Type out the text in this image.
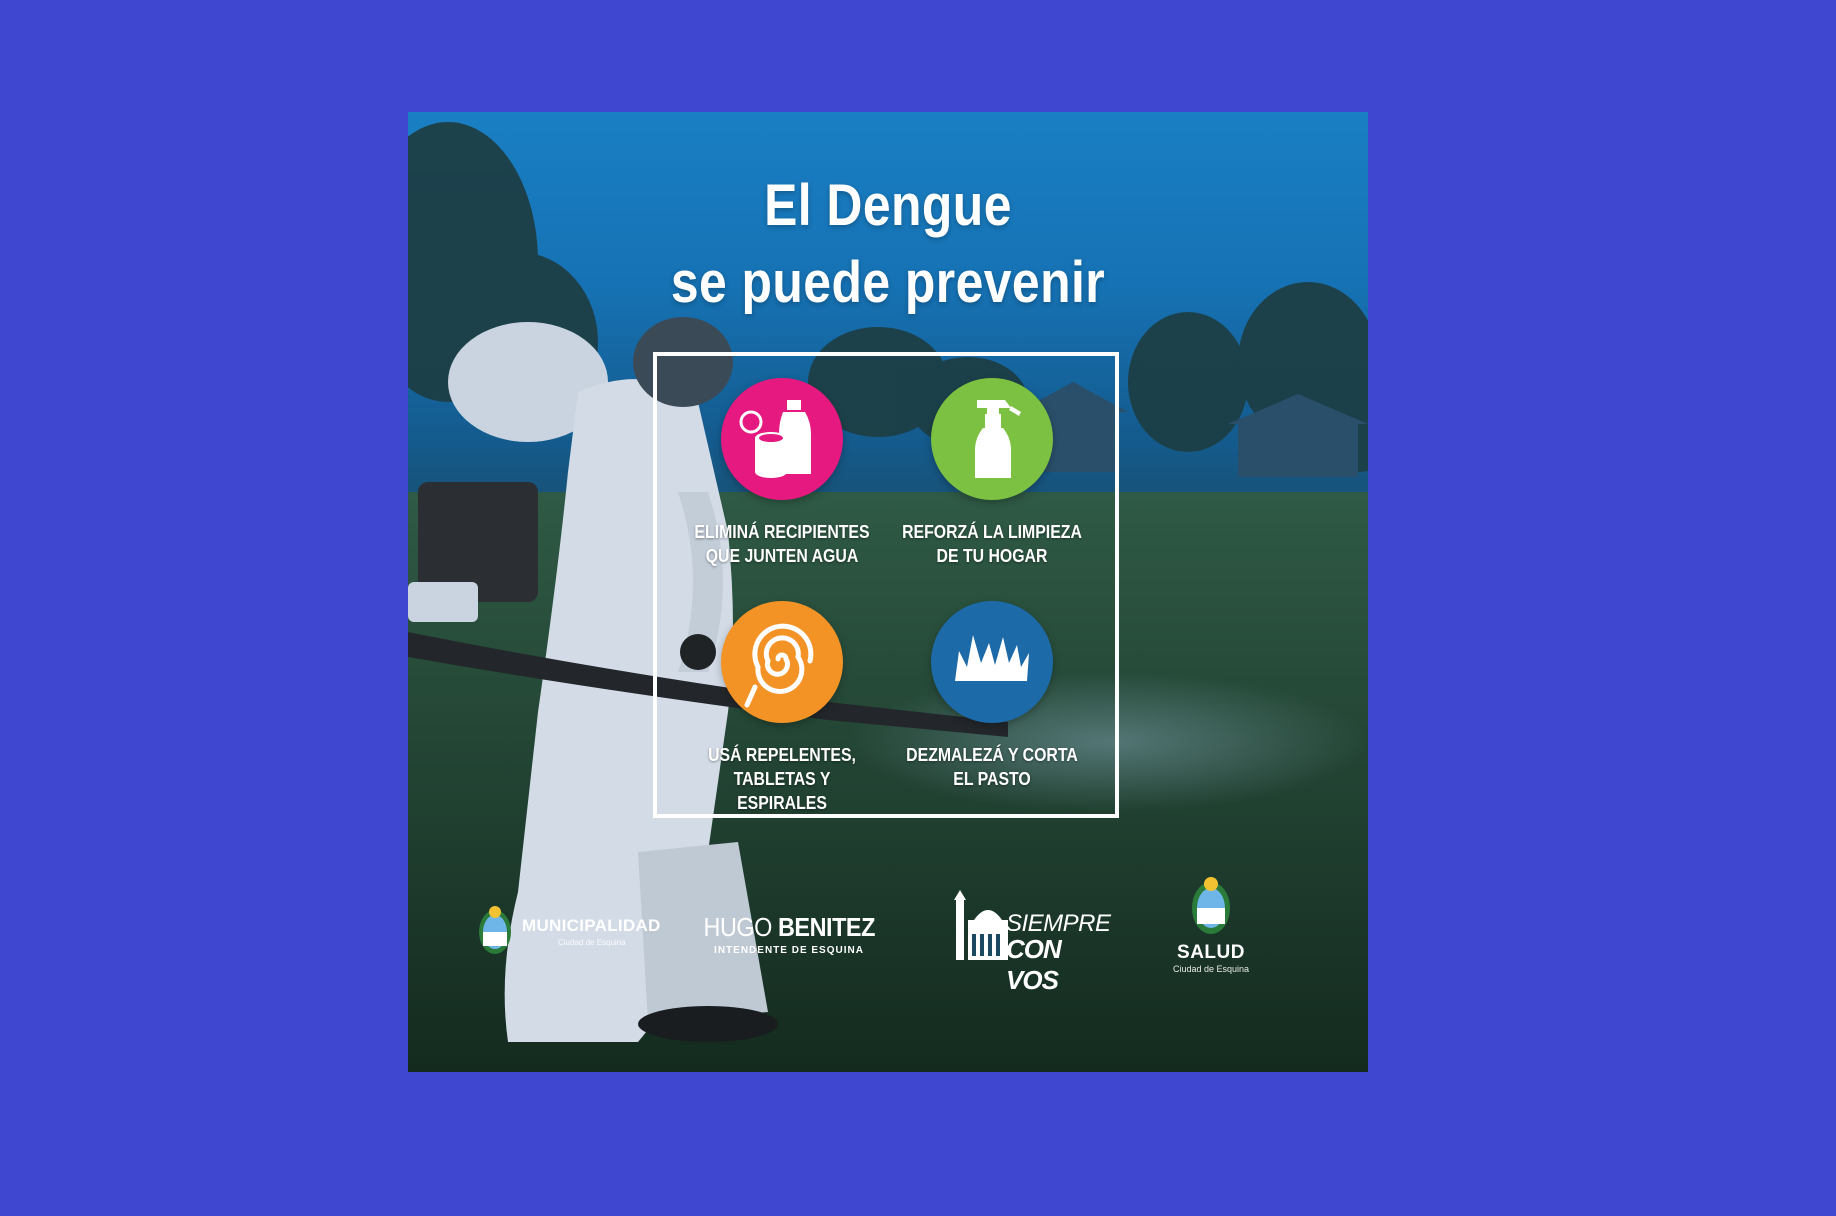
El Dengue
se puede prevenir
ELIMINÁ RECIPIENTES
QUE JUNTEN AGUA
REFORZÁ LA LIMPIEZA
DE TU HOGAR
USÁ REPELENTES,
TABLETAS Y ESPIRALES
DEZMALEZÁ Y CORTA
EL PASTO
MUNICIPALIDAD
Ciudad de Esquina
HUGO BENITEZ
INTENDENTE DE ESQUINA
SIEMPRE
CON VOS
SALUD
Ciudad de Esquina
